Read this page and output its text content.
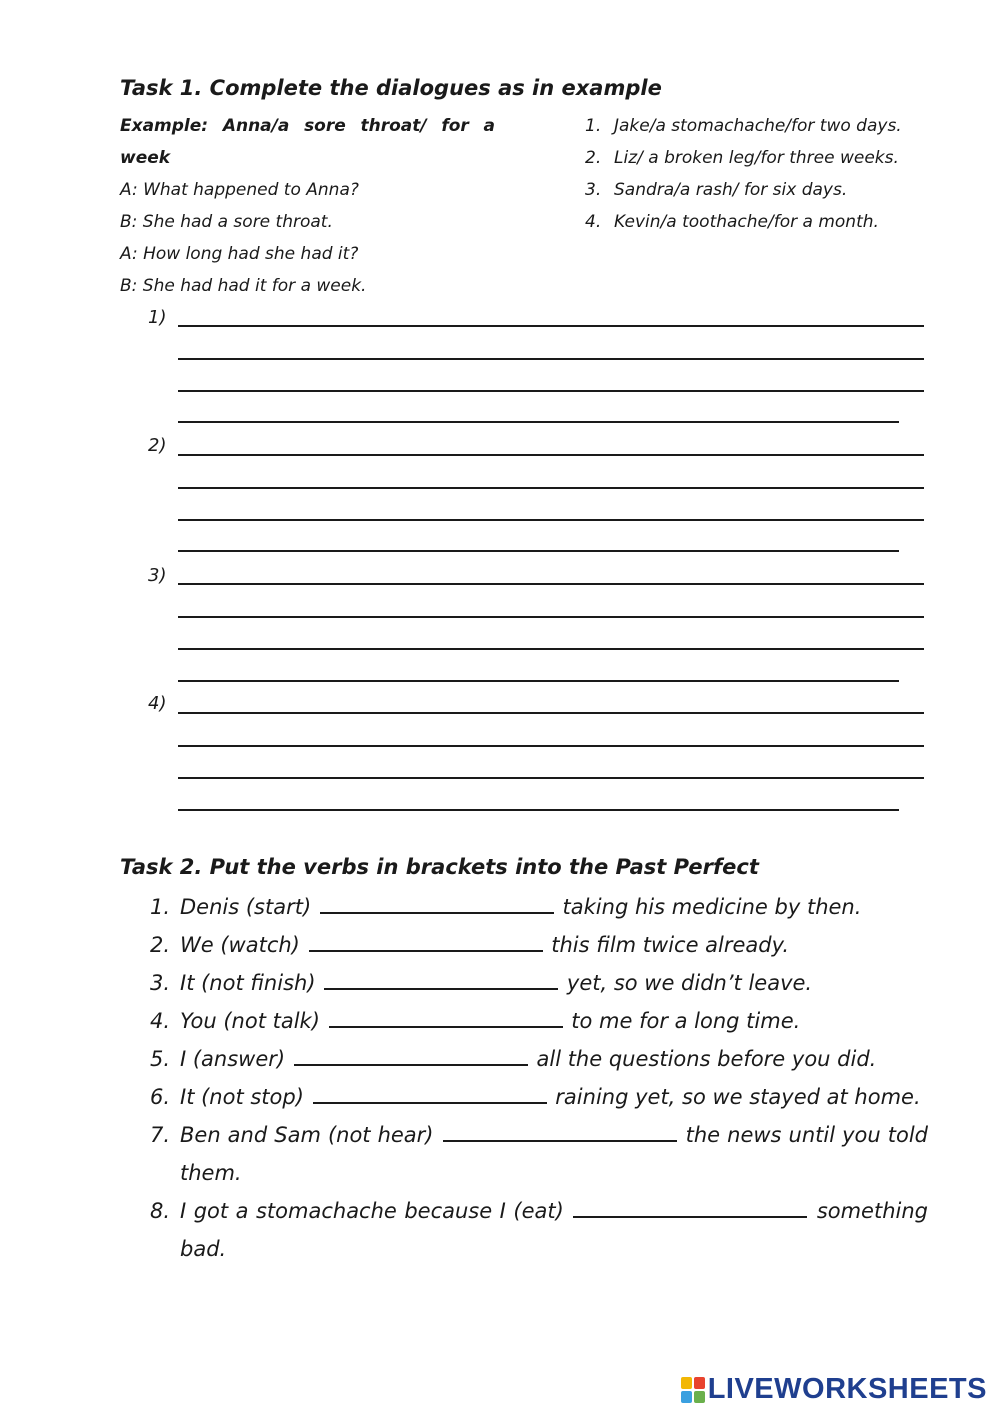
Task 1. Complete the dialogues as in example
Example: Anna/a sore throat/ for a week
A: What happened to Anna?
B: She had a sore throat.
A: How long had she had it?
B: She had had it for a week.
1. Jake/a stomachache/for two days.
2. Liz/ a broken leg/for three weeks.
3. Sandra/a rash/ for six days.
4. Kevin/a toothache/for a month.
1)
2)
3)
4)
Task 2. Put the verbs in brackets into the Past Perfect
1. Denis (start)	taking his medicine by then.
2. We (watch)	this film twice already.
3. It (not finish)	yet, so we didn’t leave.
4. You (not talk)	to me for a long time.
5. I (answer)	all the questions before you did.
6. It (not stop)	raining yet, so we stayed at home.
7. Ben and Sam (not hear)	the news until you told them.
8. I got a stomachache because I (eat)	something bad.
LIVEWORKSHEETS
